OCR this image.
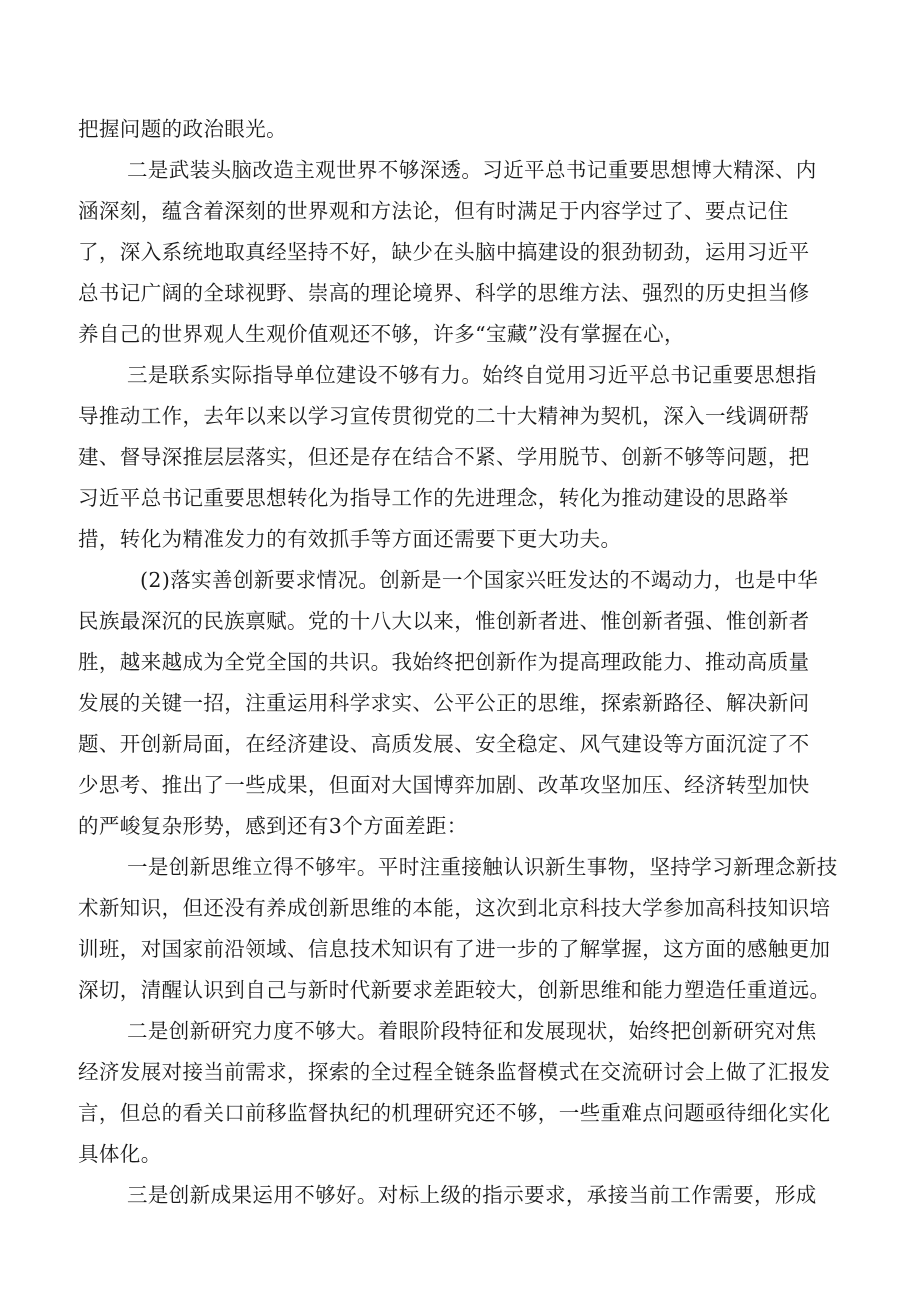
把握问题的政治眼光。
二是武装头脑改造主观世界不够深透。习近平总书记重要思想博大精深、内
涵深刻，蕴含着深刻的世界观和方法论，但有时满足于内容学过了、要点记住
了，深入系统地取真经坚持不好，缺少在头脑中搞建设的狠劲韧劲，运用习近平
总书记广阔的全球视野、崇高的理论境界、科学的思维方法、强烈的历史担当修
养自己的世界观人生观价值观还不够，许多“宝藏”没有掌握在心，
三是联系实际指导单位建设不够有力。始终自觉用习近平总书记重要思想指
导推动工作，去年以来以学习宣传贯彻党的二十大精神为契机，深入一线调研帮
建、督导深推层层落实，但还是存在结合不紧、学用脱节、创新不够等问题，把
习近平总书记重要思想转化为指导工作的先进理念，转化为推动建设的思路举
措，转化为精准发力的有效抓手等方面还需要下更大功夫。
(2)落实善创新要求情况。创新是一个国家兴旺发达的不竭动力，也是中华
民族最深沉的民族禀赋。党的十八大以来，惟创新者进、惟创新者强、惟创新者
胜，越来越成为全党全国的共识。我始终把创新作为提高理政能力、推动高质量
发展的关键一招，注重运用科学求实、公平公正的思维，探索新路径、解决新问
题、开创新局面，在经济建设、高质发展、安全稳定、风气建设等方面沉淀了不
少思考、推出了一些成果，但面对大国博弈加剧、改革攻坚加压、经济转型加快
的严峻复杂形势，感到还有3个方面差距：
一是创新思维立得不够牢。平时注重接触认识新生事物，坚持学习新理念新技
术新知识，但还没有养成创新思维的本能，这次到北京科技大学参加高科技知识培
训班，对国家前沿领域、信息技术知识有了进一步的了解掌握，这方面的感触更加
深切，清醒认识到自己与新时代新要求差距较大，创新思维和能力塑造任重道远。
二是创新研究力度不够大。着眼阶段特征和发展现状，始终把创新研究对焦
经济发展对接当前需求，探索的全过程全链条监督模式在交流研讨会上做了汇报发
言，但总的看关口前移监督执纪的机理研究还不够，一些重难点问题亟待细化实化
具体化。
三是创新成果运用不够好。对标上级的指示要求，承接当前工作需要，形成
